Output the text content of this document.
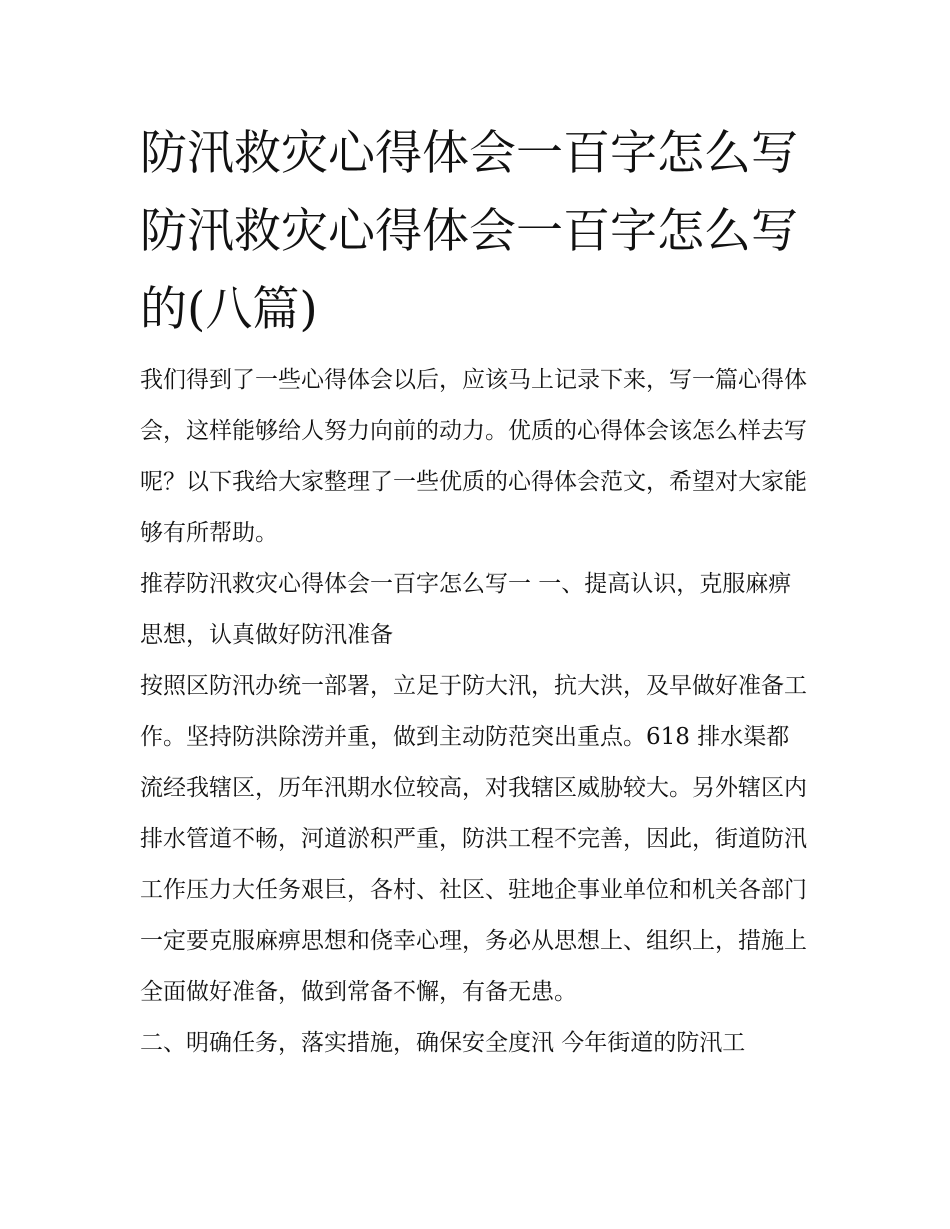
防汛救灾心得体会一百字怎么写 防汛救灾心得体会一百字怎么写的(八篇)

我们得到了一些心得体会以后，应该马上记录下来，写一篇心得体会，这样能够给人努力向前的动力。优质的心得体会该怎么样去写呢？以下我给大家整理了一些优质的心得体会范文，希望对大家能够有所帮助。

推荐防汛救灾心得体会一百字怎么写一 一、提高认识，克服麻痹思想，认真做好防汛准备

按照区防汛办统一部署，立足于防大汛，抗大洪，及早做好准备工作。坚持防洪除涝并重，做到主动防范突出重点。618 排水渠都流经我辖区，历年汛期水位较高，对我辖区威胁较大。另外辖区内排水管道不畅，河道淤积严重，防洪工程不完善，因此，街道防汛工作压力大任务艰巨，各村、社区、驻地企事业单位和机关各部门一定要克服麻痹思想和侥幸心理，务必从思想上、组织上，措施上全面做好准备，做到常备不懈，有备无患。

二、明确任务，落实措施，确保安全度汛 今年街道的防汛工
